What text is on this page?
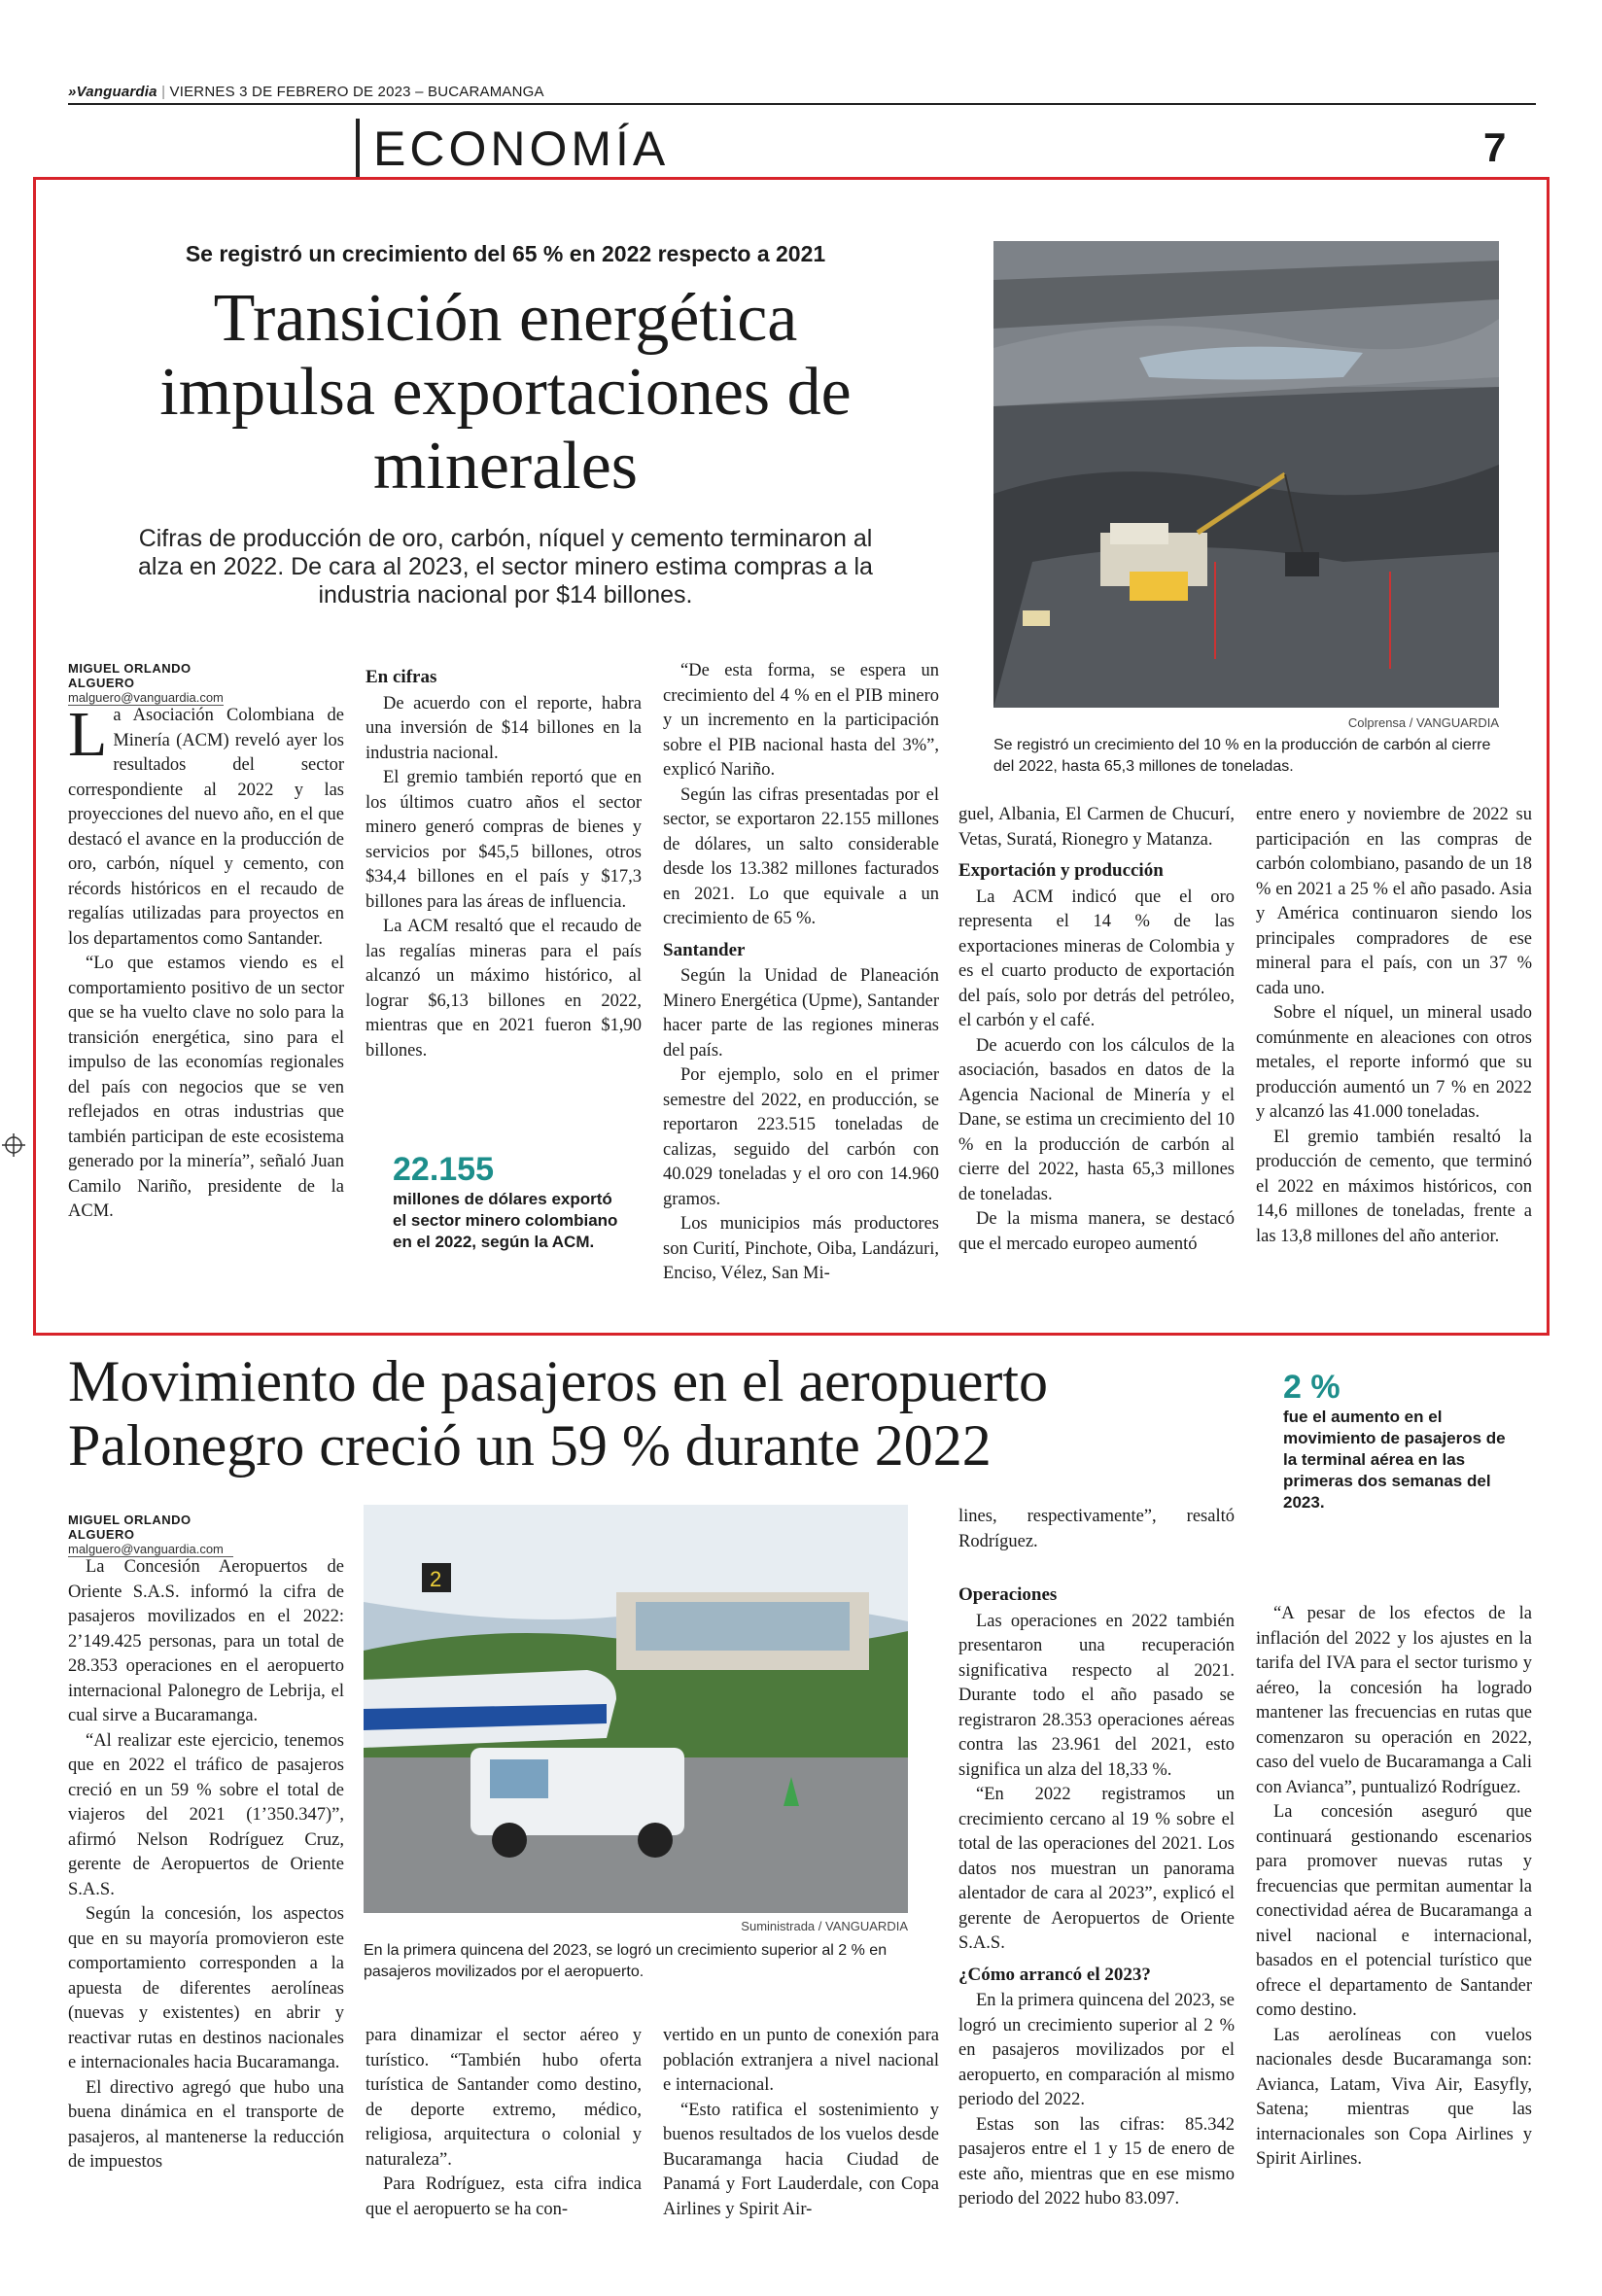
»Vanguardia | VIERNES 3 DE FEBRERO DE 2023 – BUCARAMANGA
ECONOMÍA	7
Se registró un crecimiento del 65 % en 2022 respecto a 2021
Transición energética impulsa exportaciones de minerales
Cifras de producción de oro, carbón, níquel y cemento terminaron al alza en 2022. De cara al 2023, el sector minero estima compras a la industria nacional por $14 billones.
Colprensa / VANGUARDIA
Se registró un crecimiento del 10 % en la producción de carbón al cierre del 2022, hasta 65,3 millones de toneladas.
MIGUEL ORLANDO ALGUERO
malguero@vanguardia.com

La Asociación Colombiana de Minería (ACM) reveló ayer los resultados del sector correspondiente al 2022 y las proyecciones del nuevo año, en el que destacó el avance en la producción de oro, carbón, níquel y cemento, con récords históricos en el recaudo de regalías utilizadas para proyectos en los departamentos como Santander.

“Lo que estamos viendo es el comportamiento positivo de un sector que se ha vuelto clave no solo para la transición energética, sino para el impulso de las economías regionales del país con negocios que se ven reflejados en otras industrias que también participan de este ecosistema generado por la minería”, señaló Juan Camilo Nariño, presidente de la ACM.

En cifras

De acuerdo con el reporte, habra una inversión de $14 billones en la industria nacional.

El gremio también reportó que en los últimos cuatro años el sector minero generó compras de bienes y servicios por $45,5 billones, otros $34,4 billones en el país y $17,3 billones para las áreas de influencia.

La ACM resaltó que el recaudo de las regalías mineras para el país alcanzó un máximo histórico, al lograr $6,13 billones en 2022, mientras que en 2021 fueron $1,90 billones.

22.155
millones de dólares exportó el sector minero colombiano en el 2022, según la ACM.

“De esta forma, se espera un crecimiento del 4 % en el PIB minero y un incremento en la participación sobre el PIB nacional hasta del 3%”, explicó Nariño.

Según las cifras presentadas por el sector, se exportaron 22.155 millones de dólares, un salto considerable desde los 13.382 millones facturados en 2021. Lo que equivale a un crecimiento de 65 %.

Santander

Según la Unidad de Planeación Minero Energética (Upme), Santander hacer parte de las regiones mineras del país.

Por ejemplo, solo en el primer semestre del 2022, en producción, se reportaron 223.515 toneladas de calizas, seguido del carbón con 40.029 toneladas y el oro con 14.960 gramos.

Los municipios más productores son Curití, Pinchote, Oiba, Landázuri, Enciso, Vélez, San Mi-

guel, Albania, El Carmen de Chucurí, Vetas, Suratá, Rionegro y Matanza.

Exportación y producción

La ACM indicó que el oro representa el 14 % de las exportaciones mineras de Colombia y es el cuarto producto de exportación del país, solo por detrás del petróleo, el carbón y el café.

De acuerdo con los cálculos de la asociación, basados en datos de la Agencia Nacional de Minería y el Dane, se estima un crecimiento del 10 % en la producción de carbón al cierre del 2022, hasta 65,3 millones de toneladas.

De la misma manera, se destacó que el mercado europeo aumentó

entre enero y noviembre de 2022 su participación en las compras de carbón colombiano, pasando de un 18 % en 2021 a 25 % el año pasado. Asia y América continuaron siendo los principales compradores de ese mineral para el país, con un 37 % cada uno.

Sobre el níquel, un mineral usado comúnmente en aleaciones con otros metales, el reporte informó que su producción aumentó un 7 % en 2022 y alcanzó las 41.000 toneladas.

El gremio también resaltó la producción de cemento, que terminó el 2022 en máximos históricos, con 14,6 millones de toneladas, frente a las 13,8 millones del año anterior.

Movimiento de pasajeros en el aeropuerto Palonegro creció un 59 % durante 2022
2 %
fue el aumento en el movimiento de pasajeros de la terminal aérea en las primeras dos semanas del 2023.
MIGUEL ORLANDO ALGUERO
malguero@vanguardia.com
2
Suministrada / VANGUARDIA
En la primera quincena del 2023, se logró un crecimiento superior al 2 % en pasajeros movilizados por el aeropuerto.

La Concesión Aeropuertos de Oriente S.A.S. informó la cifra de pasajeros movilizados en el 2022: 2’149.425 personas, para un total de 28.353 operaciones en el aeropuerto internacional Palonegro de Lebrija, el cual sirve a Bucaramanga.

“Al realizar este ejercicio, tenemos que en 2022 el tráfico de pasajeros creció en un 59 % sobre el total de viajeros del 2021 (1’350.347)”, afirmó Nelson Rodríguez Cruz, gerente de Aeropuertos de Oriente S.A.S.

Según la concesión, los aspectos que en su mayoría promovieron este comportamiento corresponden a la apuesta de diferentes aerolíneas (nuevas y existentes) en abrir y reactivar rutas en destinos nacionales e internacionales hacia Bucaramanga.

El directivo agregó que hubo una buena dinámica en el transporte de pasajeros, al mantenerse la reducción de impuestos

para dinamizar el sector aéreo y turístico. “También hubo oferta turística de Santander como destino, de deporte extremo, médico, religiosa, arquitectura o colonial y naturaleza”.

Para Rodríguez, esta cifra indica que el aeropuerto se ha con-

lines, respectivamente”, resaltó Rodríguez.

vertido en un punto de conexión para población extranjera a nivel nacional e internacional.

“Esto ratifica el sostenimiento y buenos resultados de los vuelos desde Bucaramanga hacia Ciudad de Panamá y Fort Lauderdale, con Copa Airlines y Spirit Air-

Operaciones

Las operaciones en 2022 también presentaron una recuperación significativa respecto al 2021. Durante todo el año pasado se registraron 28.353 operaciones aéreas contra las 23.961 del 2021, esto significa un alza del 18,33 %.

“En 2022 registramos un crecimiento cercano al 19 % sobre el total de las operaciones del 2021. Los datos nos muestran un panorama alentador de cara al 2023”, explicó el gerente de Aeropuertos de Oriente S.A.S.

¿Cómo arrancó el 2023?

En la primera quincena del 2023, se logró un crecimiento superior al 2 % en pasajeros movilizados por el aeropuerto, en comparación al mismo periodo del 2022.

Estas son las cifras: 85.342 pasajeros entre el 1 y 15 de enero de este año, mientras que en ese mismo periodo del 2022 hubo 83.097.

“A pesar de los efectos de la inflación del 2022 y los ajustes en la tarifa del IVA para el sector turismo y aéreo, la concesión ha logrado mantener las frecuencias en rutas que comenzaron su operación en 2022, caso del vuelo de Bucaramanga a Cali con Avianca”, puntualizó Rodríguez.

La concesión aseguró que continuará gestionando escenarios para promover nuevas rutas y frecuencias que permitan aumentar la conectividad aérea de Bucaramanga a nivel nacional e internacional, basados en el potencial turístico que ofrece el departamento de Santander como destino.

Las aerolíneas con vuelos nacionales desde Bucaramanga son: Avianca, Latam, Viva Air, Easyfly, Satena; mientras que las internacionales son Copa Airlines y Spirit Airlines.
